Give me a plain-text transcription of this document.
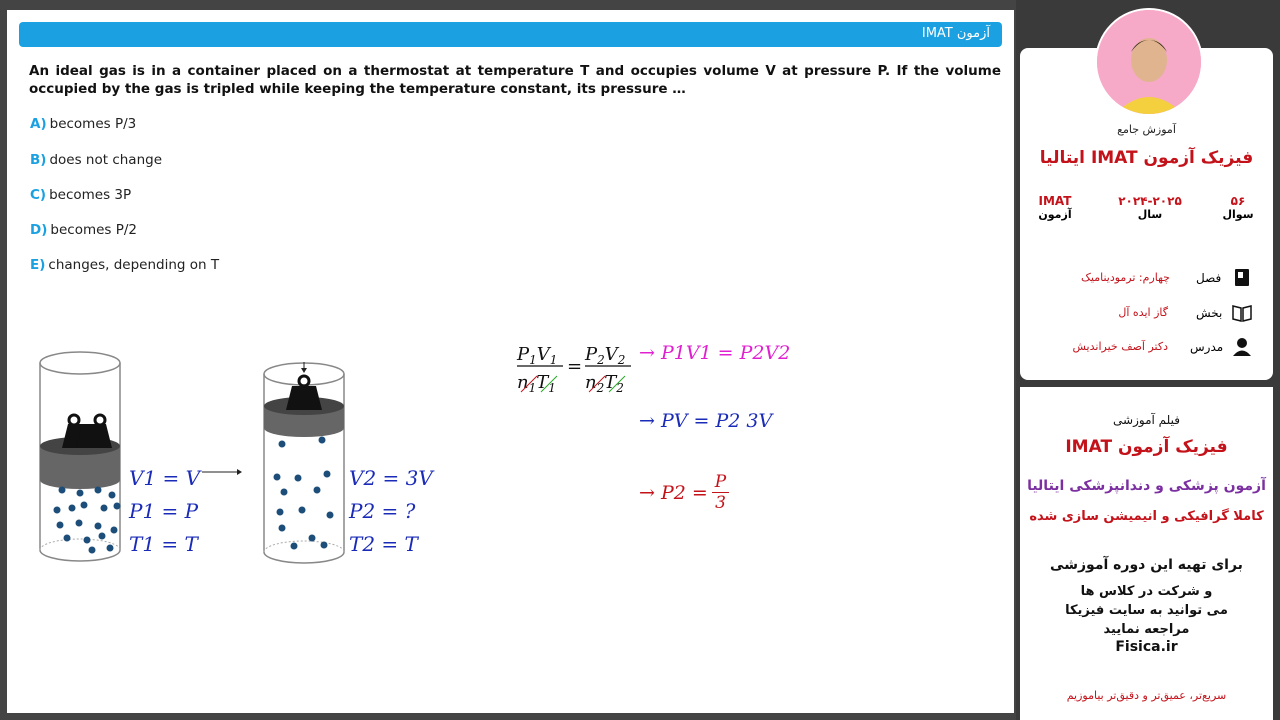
آزمون IMAT
An ideal gas is in a container placed on a thermostat at temperature T and occupies volume V at pressure P. If the volume occupied by the gas is tripled while keeping the temperature constant, its pressure …
A) becomes P/3
B) does not change
C) becomes 3P
D) becomes P/2
E) changes, depending on T
V1 = V
P1 = P
T1 = T
V2 = 3V
P2 = ?
T2 = T
$P_1V_1$
$n_1T_1$
=
$P_2V_2$
$n_2T_2$
→ P1V1 = P2V2
→ PV = P2 3V
→ $P2 = \frac{P}{3}$
آموزش جامع
فیزیک آزمون IMAT ایتالیا
۵۶
سوال
۲۰۲۴-۲۰۲۵
سال
IMAT
آزمون
فصل
چهارم: ترمودینامیک
بخش
گاز ایده آل
مدرس
دکتر آصف خیراندیش
فیلم آموزشی
فیزیک آزمون IMAT
آزمون پزشکی و دندانپزشکی ایتالیا
کاملا گرافیکی و انیمیشن سازی شده
برای تهیه این دوره آموزشی
و شرکت در کلاس ها
می توانید به سایت فیزیکا
مراجعه نمایید
Fisica.ir
سریع‌تر، عمیق‌تر و دقیق‌تر بیاموزیم
